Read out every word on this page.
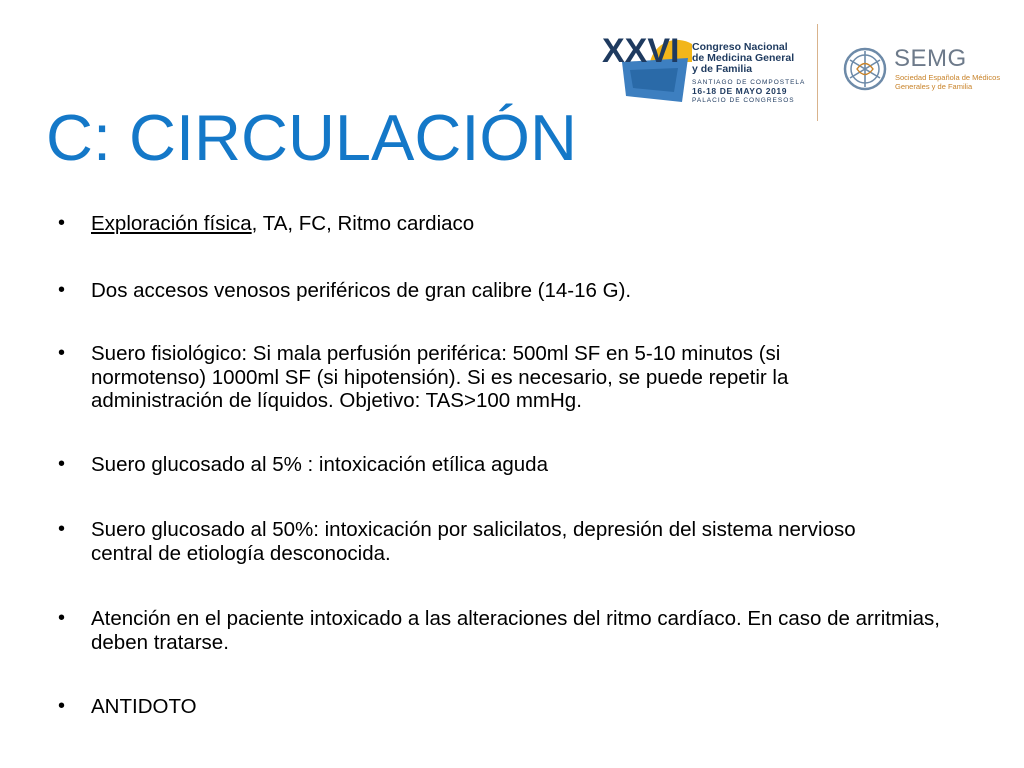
XXVI Congreso Nacional
de Medicina General
y de Familia
SANTIAGO DE COMPOSTELA
16-18 DE MAYO 2019
PALACIO DE CONGRESOS
SEMG
Sociedad Española de Médicos
Generales y de Familia
C: CIRCULACIÓN
• Exploración física, TA, FC, Ritmo cardiaco
• Dos accesos venosos periféricos de gran calibre (14-16 G).
• Suero fisiológico: Si mala perfusión periférica: 500ml SF en 5-10 minutos (si normotenso) 1000ml SF (si hipotensión). Si es necesario, se puede repetir la administración de líquidos. Objetivo: TAS>100 mmHg.
• Suero glucosado al 5% : intoxicación etílica aguda
• Suero glucosado al 50%: intoxicación por salicilatos, depresión del sistema nervioso central de etiología desconocida.
• Atención en el paciente intoxicado a las alteraciones del ritmo cardíaco. En caso de arritmias, deben tratarse.
• ANTIDOTO
